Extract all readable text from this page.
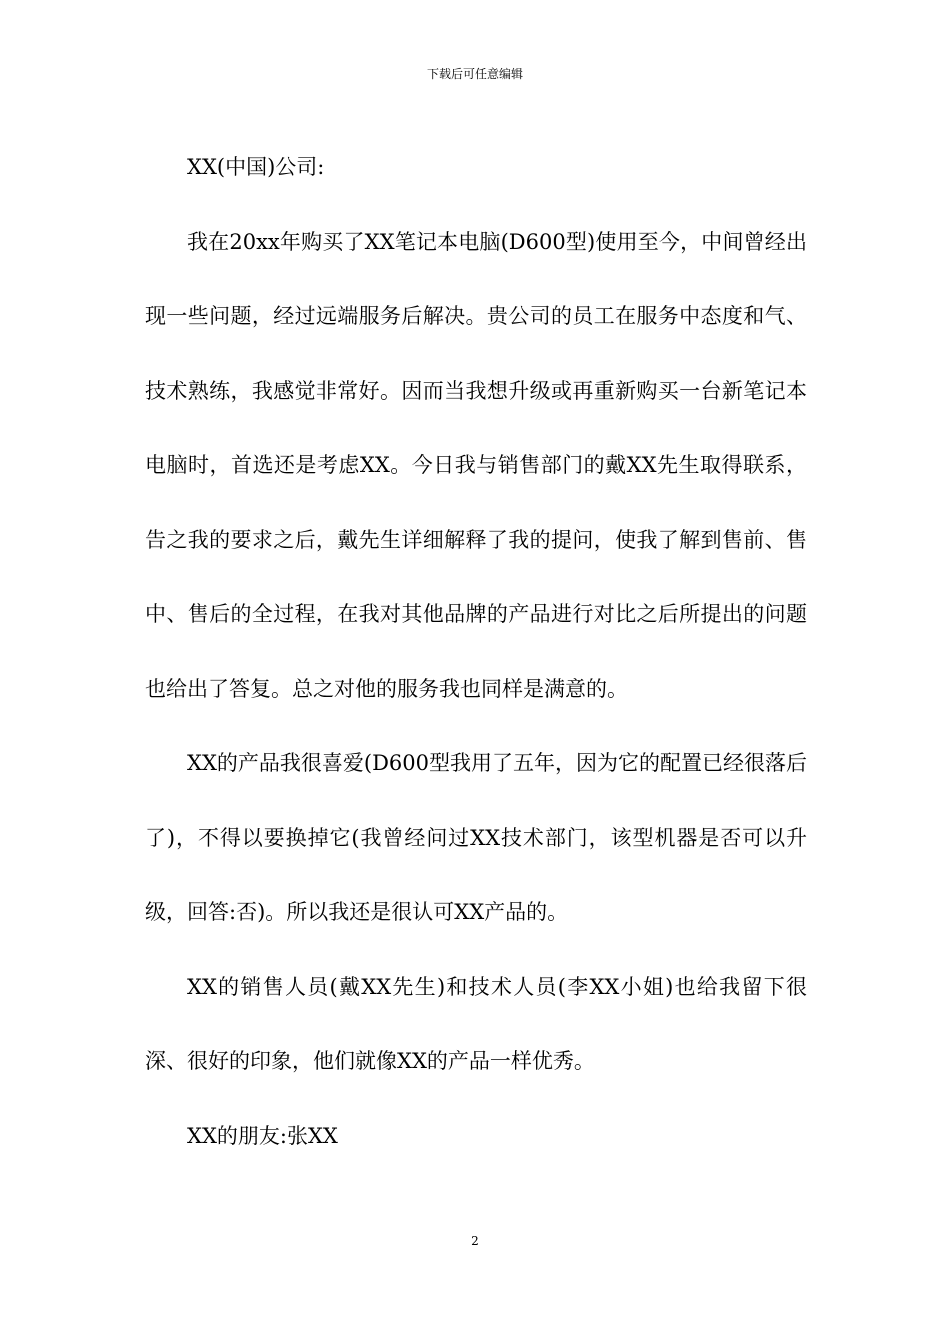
下载后可任意编辑

XX(中国)公司:

我在20xx年购买了XX笔记本电脑(D600型)使用至今，中间曾经出现一些问题，经过远端服务后解决。贵公司的员工在服务中态度和气、技术熟练，我感觉非常好。因而当我想升级或再重新购买一台新笔记本电脑时，首选还是考虑XX。今日我与销售部门的戴XX先生取得联系，告之我的要求之后，戴先生详细解释了我的提问，使我了解到售前、售中、售后的全过程，在我对其他品牌的产品进行对比之后所提出的问题也给出了答复。总之对他的服务我也同样是满意的。

XX的产品我很喜爱(D600型我用了五年，因为它的配置已经很落后了)，不得以要换掉它(我曾经问过XX技术部门，该型机器是否可以升级，回答:否)。所以我还是很认可XX产品的。

XX的销售人员(戴XX先生)和技术人员(李XX小姐)也给我留下很深、很好的印象，他们就像XX的产品一样优秀。

XX的朋友:张XX

2
